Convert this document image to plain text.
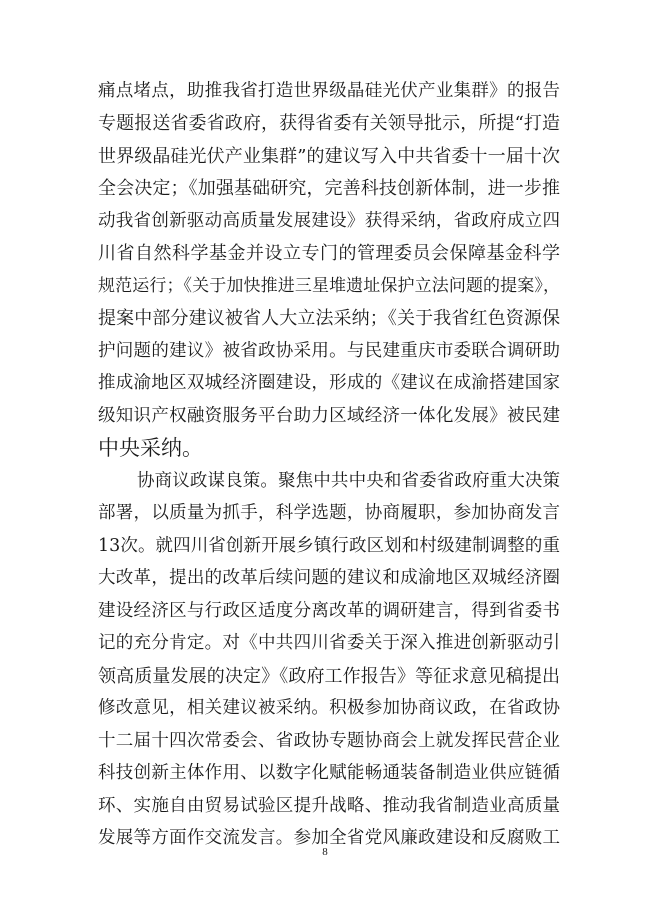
痛点堵点，助推我省打造世界级晶硅光伏产业集群》的报告
专题报送省委省政府，获得省委有关领导批示，所提“打造
世界级晶硅光伏产业集群”的建议写入中共省委十一届十次
全会决定；《加强基础研究，完善科技创新体制，进一步推
动我省创新驱动高质量发展建设》获得采纳，省政府成立四
川省自然科学基金并设立专门的管理委员会保障基金科学
规范运行；《关于加快推进三星堆遗址保护立法问题的提案》，
提案中部分建议被省人大立法采纳；《关于我省红色资源保
护问题的建议》被省政协采用。与民建重庆市委联合调研助
推成渝地区双城经济圈建设，形成的《建议在成渝搭建国家
级知识产权融资服务平台助力区域经济一体化发展》被民建
中央采纳。
协商议政谋良策。聚焦中共中央和省委省政府重大决策
部署，以质量为抓手，科学选题，协商履职，参加协商发言
13次。就四川省创新开展乡镇行政区划和村级建制调整的重
大改革，提出的改革后续问题的建议和成渝地区双城经济圈
建设经济区与行政区适度分离改革的调研建言，得到省委书
记的充分肯定。对《中共四川省委关于深入推进创新驱动引
领高质量发展的决定》《政府工作报告》等征求意见稿提出
修改意见，相关建议被采纳。积极参加协商议政，在省政协
十二届十四次常委会、省政协专题协商会上就发挥民营企业
科技创新主体作用、以数字化赋能畅通装备制造业供应链循
环、实施自由贸易试验区提升战略、推动我省制造业高质量
发展等方面作交流发言。参加全省党风廉政建设和反腐败工
8
